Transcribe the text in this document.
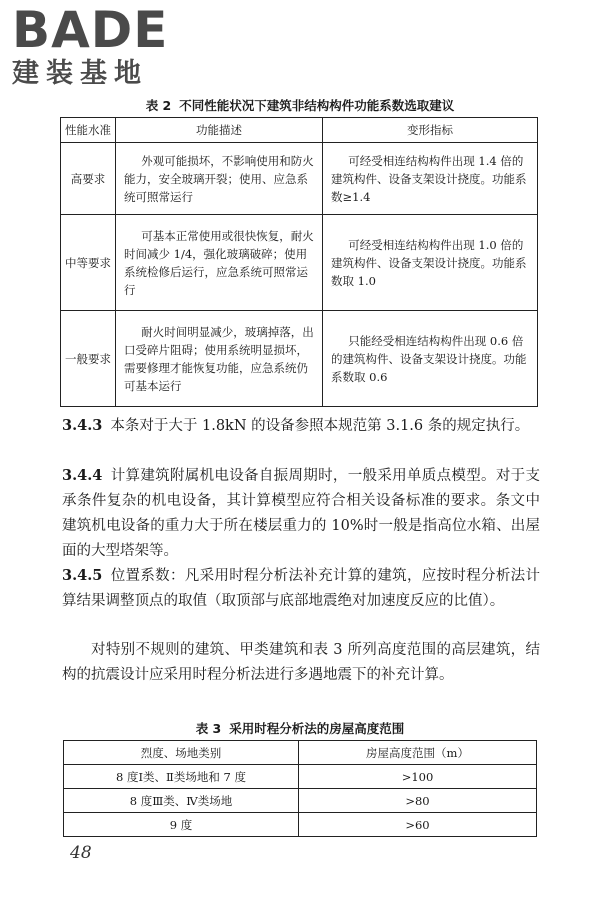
BADE
建装基地
表 2 不同性能状况下建筑非结构构件功能系数选取建议
性能水准	功能描述	变形指标
高要求	外观可能损坏，不影响使用和防火能力，安全玻璃开裂；使用、应急系统可照常运行	可经受相连结构构件出现 1.4 倍的建筑构件、设备支架设计挠度。功能系数≥1.4
中等要求	可基本正常使用或很快恢复，耐火时间减少 1/4，强化玻璃破碎；使用系统检修后运行，应急系统可照常运行	可经受相连结构构件出现 1.0 倍的建筑构件、设备支架设计挠度。功能系数取 1.0
一般要求	耐火时间明显减少，玻璃掉落，出口受碎片阻碍；使用系统明显损坏，需要修理才能恢复功能，应急系统仍可基本运行	只能经受相连结构构件出现 0.6 倍的建筑构件、设备支架设计挠度。功能系数取 0.6
3.4.3 本条对于大于 1.8kN 的设备参照本规范第 3.1.6 条的规定执行。
3.4.4 计算建筑附属机电设备自振周期时，一般采用单质点模型。对于支承条件复杂的机电设备，其计算模型应符合相关设备标准的要求。条文中建筑机电设备的重力大于所在楼层重力的 10%时一般是指高位水箱、出屋面的大型塔架等。
3.4.5 位置系数：凡采用时程分析法补充计算的建筑，应按时程分析法计算结果调整顶点的取值（取顶部与底部地震绝对加速度反应的比值）。
对特别不规则的建筑、甲类建筑和表 3 所列高度范围的高层建筑，结构的抗震设计应采用时程分析法进行多遇地震下的补充计算。
表 3 采用时程分析法的房屋高度范围
烈度、场地类别	房屋高度范围（m）
8 度Ⅰ类、Ⅱ类场地和 7 度	>100
8 度Ⅲ类、Ⅳ类场地	>80
9 度	>60
48
